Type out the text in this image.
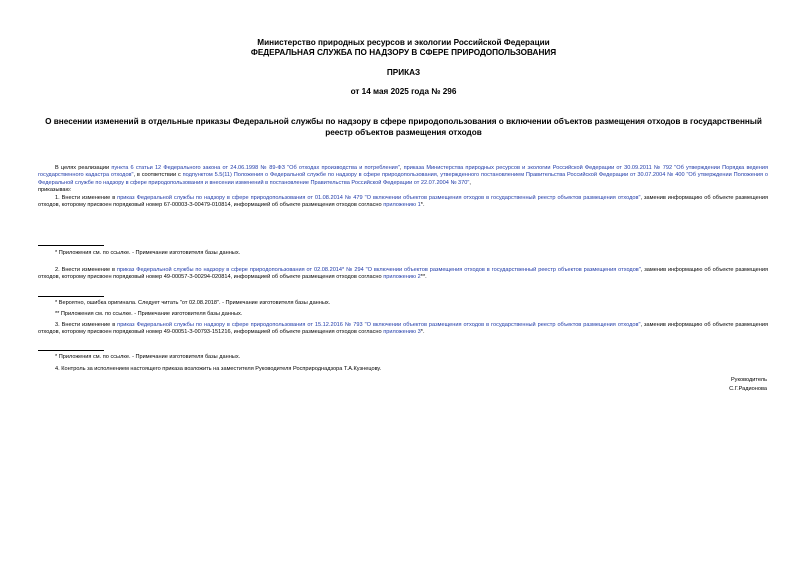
Министерство природных ресурсов и экологии Российской Федерации
ФЕДЕРАЛЬНАЯ СЛУЖБА ПО НАДЗОРУ В СФЕРЕ ПРИРОДОПОЛЬЗОВАНИЯ
ПРИКАЗ
от 14 мая 2025 года № 296
О внесении изменений в отдельные приказы Федеральной службы по надзору в сфере природопользования о включении объектов размещения отходов в государственный реестр объектов размещения отходов

В целях реализации пункта 6 статьи 12 Федерального закона от 24.06.1998 № 89-ФЗ "Об отходах производства и потребления", приказа Министерства природных ресурсов и экологии Российской Федерации от 30.09.2011 № 792 "Об утверждении Порядка ведения государственного кадастра отходов", в соответствии с подпунктом 5.5(11) Положения о Федеральной службе по надзору в сфере природопользования, утвержденного постановлением Правительства Российской Федерации от 30.07.2004 № 400 "Об утверждении Положения о Федеральной службе по надзору в сфере природопользования и внесении изменений в постановление Правительства Российской Федерации от 22.07.2004 № 370",

приказываю:

1. Внести изменение в приказ Федеральной службы по надзору в сфере природопользования от 01.08.2014 № 479 "О включении объектов размещения отходов в государственный реестр объектов размещения отходов", заменив информацию об объекте размещения отходов, которому присвоен порядковый номер 67-00003-З-00479-010814, информацией об объекте размещения отходов согласно приложению 1*.

* Приложения см. по ссылке. - Примечание изготовителя базы данных.

2. Внести изменение в приказ Федеральной службы по надзору в сфере природопользования от 02.08.2014* № 294 "О включении объектов размещения отходов в государственный реестр объектов размещения отходов", заменив информацию об объекте размещения отходов, которому присвоен порядковый номер 49-00057-З-00294-020814, информацией об объекте размещения отходов согласно приложению 2**.

* Вероятно, ошибка оригинала. Следует читать "от 02.08.2018". - Примечание изготовителя базы данных.
** Приложения см. по ссылке. - Примечание изготовителя базы данных.

3. Внести изменение в приказ Федеральной службы по надзору в сфере природопользования от 15.12.2016 № 793 "О включении объектов размещения отходов в государственный реестр объектов размещения отходов", заменив информацию об объекте размещения отходов, которому присвоен порядковый номер 49-00051-З-00793-151216, информацией об объекте размещения отходов согласно приложению 3*.

* Приложения см. по ссылке. - Примечание изготовителя базы данных.

4. Контроль за исполнением настоящего приказа возложить на заместителя Руководителя Росприроднадзора Т.А.Кузнецову.

Руководитель
С.Г.Радионова
